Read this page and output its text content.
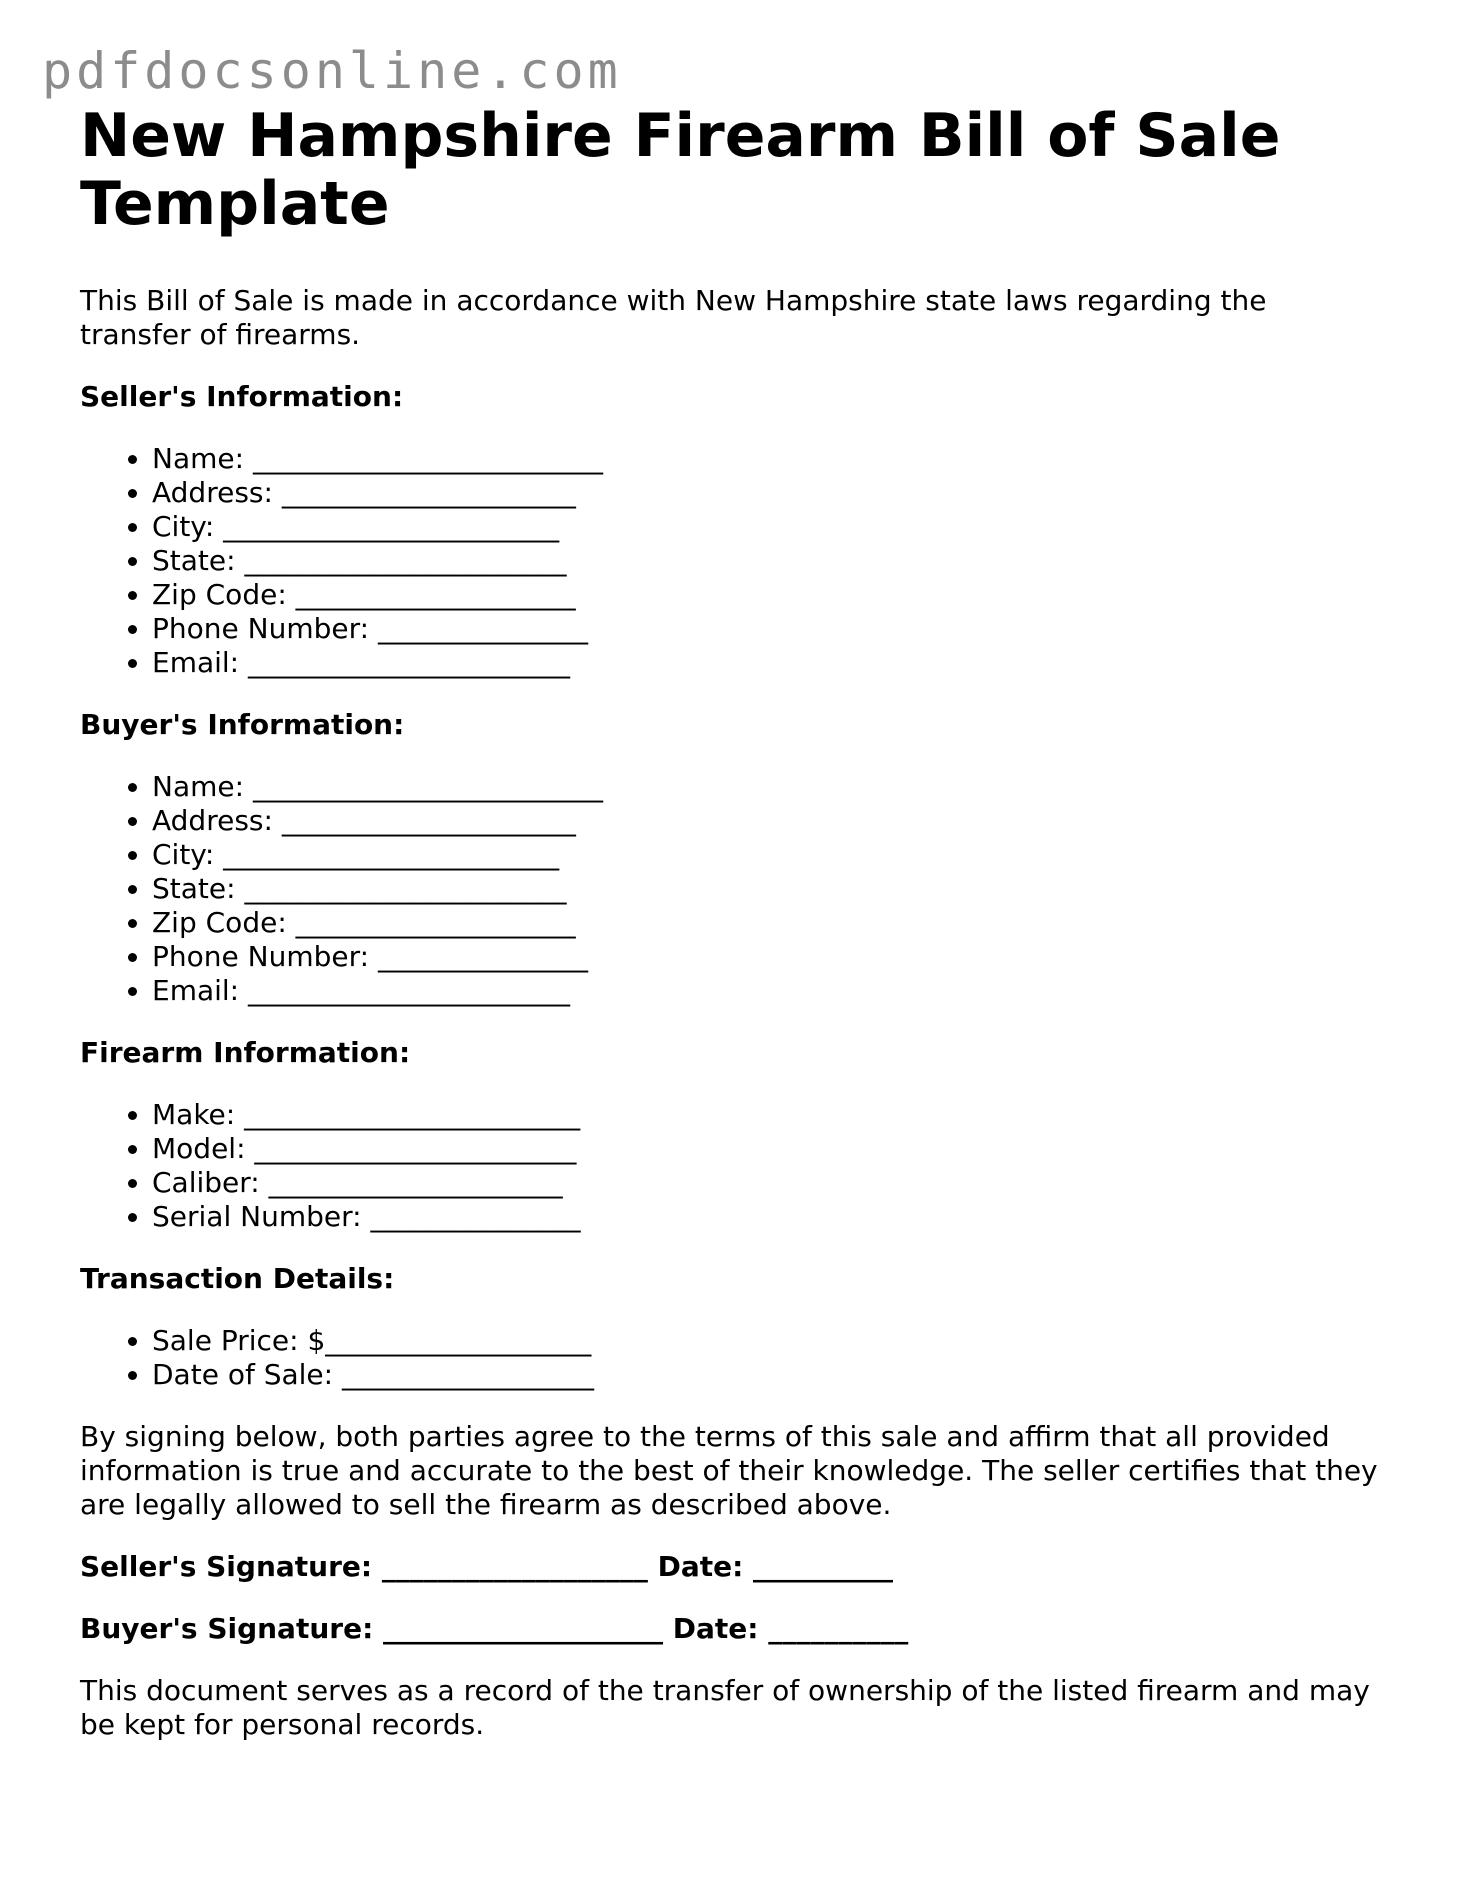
pdfdocsonline.com
New Hampshire Firearm Bill of Sale Template

This Bill of Sale is made in accordance with New Hampshire state laws regarding the transfer of firearms.

Seller's Information:
• Name: _________________________
• Address: _____________________
• City: ________________________
• State: _______________________
• Zip Code: ____________________
• Phone Number: _______________
• Email: _______________________
Buyer's Information:
• Name: _________________________
• Address: _____________________
• City: ________________________
• State: _______________________
• Zip Code: ____________________
• Phone Number: _______________
• Email: _______________________
Firearm Information:
• Make: ________________________
• Model: _______________________
• Caliber: _____________________
• Serial Number: _______________
Transaction Details:
• Sale Price: $___________________
• Date of Sale: __________________

By signing below, both parties agree to the terms of this sale and affirm that all provided information is true and accurate to the best of their knowledge. The seller certifies that they are legally allowed to sell the firearm as described above.

Seller's Signature: ___________________ Date: __________
Buyer's Signature: ____________________ Date: __________

This document serves as a record of the transfer of ownership of the listed firearm and may be kept for personal records.
